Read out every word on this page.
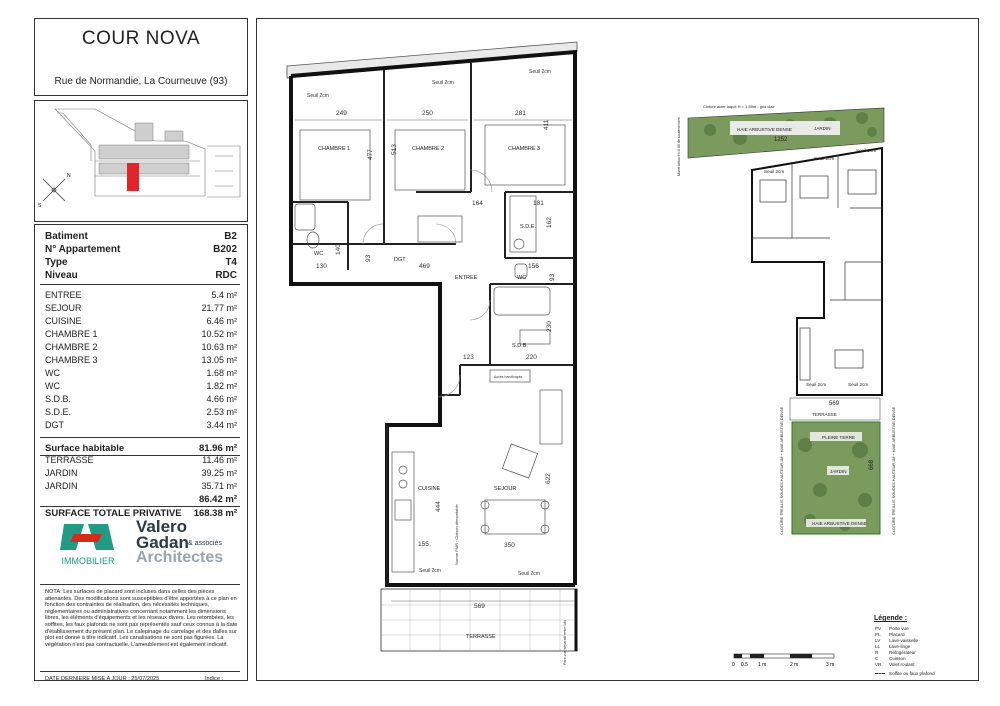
COUR NOVA
Rue de Normandie, La Courneuve (93)
S
N
Batiment	B2
N° Appartement	B202
Type	T4
Niveau	RDC
ENTREE	5.4 m²
SEJOUR	21.77 m²
CUISINE	6.46 m²
CHAMBRE 1	10.52 m²
CHAMBRE 2	10.63 m²
CHAMBRE 3	13.05 m²
WC	1.68 m²
WC	1.82 m²
S.D.B.	4.66 m²
S.D.E.	2.53 m²
DGT	3.44 m²
Surface habitable	81.96 m²
TERRASSE	11.46 m²
JARDIN	39.25 m²
JARDIN	35.71 m²
86.42 m²
SURFACE TOTALE PRIVATIVE 168.38 m²
IMMOBILIER
Valero
Gadan & associés
Architectes
NOTA: Les surfaces de placard sont incluses dans celles des pièces attenantes. Des modifications sont susceptibles d'être apportées à ce plan en fonction des contraintes de réalisation, des nécessités techniques, réglementaires ou administratives concernant notamment les dimensions libres, les éléments d'équipements et les réseaux divers. Les retombées, les soffites, les faux plafonds ne sont pas représentés sauf ceux connus à la date d'établissement du présent plan. Le calepinage du carrelage et des dalles sur plot est donné à titre indicatif. Les canalisations ne sont pas figurées. La végétation n'est pas contractuelle. L'ameublement est également indicatif.
DATE DERNIERE MISE A JOUR : 25/07/2025	Indice :
CHAMBRE 1	CHAMBRE 2	CHAMBRE 3
S.D.E.
WC
DGT
ENTREE	WC
S.D.B.
CUISINE	SEJOUR
TERRASSE
249	250	281
411
477	513
164	181
162
140
130
93
469	156
93
230
123	220
444
622
155	350
569
Seuil 2cm
Seuil 2cm
Seuil 2cm
Seuil 2cm	Seuil 2cm
Accès handicapés
Norme PMR : Cloison démontable
Pare-vue séparatif entre lots
Clôture acier laqué H = 1.50m - gris clair
Muret béton H=0.60 de soutènement	HAIE ARBUSTIVE DENSE	JARDIN
1252
Seuil 2cm
Seuil 2cm
Seuil 2cm
Seuil 2cm	Seuil 2cm
569
TERRASSE
PLEINE TERRE
JARDIN
668
HAIE ARBUSTIVE DENSE
CLOTURE TREILLIS SOUDES HAUTEUR 1M + HAIE ARBUSTIVE DENSE	CLOTURE TREILLIS SOUDES HAUTEUR 1M + HAIE ARBUSTIVE DENSE
0 0.5 1 m	2 m	3 m
Légende :
PV Porte vue
PL Placard
LV Lave-vaisselle
LL Lave-linge
R Réfrigérateur
C Cuisson
VR Volet roulant
Soffite ou faux plafond
